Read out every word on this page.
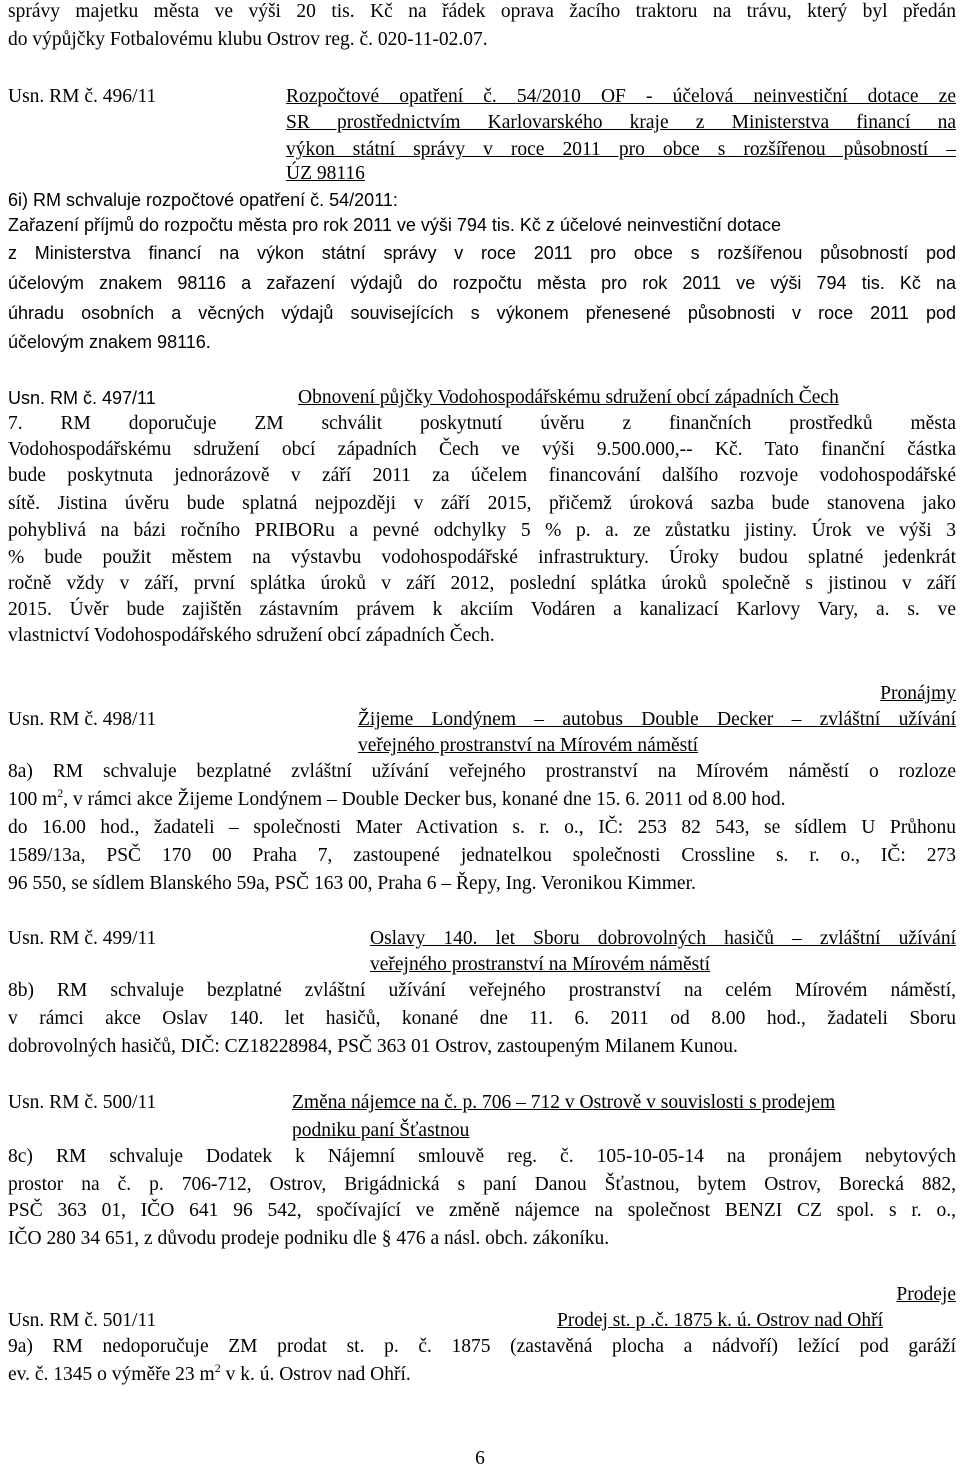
správy majetku města ve výši 20 tis. Kč na řádek oprava žacího traktoru na trávu, který byl předán
do výpůjčky Fotbalovému klubu Ostrov reg. č. 020-11-02.07.
Usn. RM č. 496/11	Rozpočtové opatření č. 54/2010 OF - účelová neinvestiční dotace ze
SR prostřednictvím Karlovarského kraje z Ministerstva financí na
výkon státní správy v roce 2011 pro obce s rozšířenou působností –
ÚZ 98116
6i) RM schvaluje rozpočtové opatření č. 54/2011:
Zařazení příjmů do rozpočtu města pro rok 2011 ve výši 794 tis. Kč z účelové neinvestiční dotace
z Ministerstva financí na výkon státní správy v roce 2011 pro obce s rozšířenou působností pod
účelovým znakem 98116 a zařazení výdajů do rozpočtu města pro rok 2011 ve výši 794 tis. Kč na
úhradu osobních a věcných výdajů souvisejících s výkonem přenesené působnosti v roce 2011 pod
účelovým znakem 98116.
Usn. RM č. 497/11	Obnovení půjčky Vodohospodářskému sdružení obcí západních Čech
7. RM doporučuje ZM schválit poskytnutí úvěru z finančních prostředků města
Vodohospodářskému sdružení obcí západních Čech ve výši 9.500.000,-- Kč. Tato finanční částka
bude poskytnuta jednorázově v září 2011 za účelem financování dalšího rozvoje vodohospodářské
sítě. Jistina úvěru bude splatná nejpozději v září 2015, přičemž úroková sazba bude stanovena jako
pohyblivá na bázi ročního PRIBORu a pevné odchylky 5 % p. a. ze zůstatku jistiny. Úrok ve výši 3
% bude použit městem na výstavbu vodohospodářské infrastruktury. Úroky budou splatné jedenkrát
ročně vždy v září, první splátka úroků v září 2012, poslední splátka úroků společně s jistinou v září
2015. Úvěr bude zajištěn zástavním právem k akciím Vodáren a kanalizací Karlovy Vary, a. s. ve
vlastnictví Vodohospodářského sdružení obcí západních Čech.
Pronájmy
Usn. RM č. 498/11	Žijeme Londýnem – autobus Double Decker – zvláštní užívání
veřejného prostranství na Mírovém náměstí
8a) RM schvaluje bezplatné zvláštní užívání veřejného prostranství na Mírovém náměstí o rozloze
100 $m^2$, v rámci akce Žijeme Londýnem – Double Decker bus, konané dne 15. 6. 2011 od 8.00 hod.
do 16.00 hod., žadateli – společnosti Mater Activation s. r. o., IČ: 253 82 543, se sídlem U Průhonu
1589/13a, PSČ 170 00 Praha 7, zastoupené jednatelkou společnosti Crossline s. r. o., IČ: 273
96 550, se sídlem Blanského 59a, PSČ 163 00, Praha 6 – Řepy, Ing. Veronikou Kimmer.
Usn. RM č. 499/11	Oslavy 140. let Sboru dobrovolných hasičů – zvláštní užívání
veřejného prostranství na Mírovém náměstí
8b) RM schvaluje bezplatné zvláštní užívání veřejného prostranství na celém Mírovém náměstí,
v rámci akce Oslav 140. let hasičů, konané dne 11. 6. 2011 od 8.00 hod., žadateli Sboru
dobrovolných hasičů, DIČ: CZ18228984, PSČ 363 01 Ostrov, zastoupeným Milanem Kunou.
Usn. RM č. 500/11	Změna nájemce na č. p. 706 – 712 v Ostrově v souvislosti s prodejem
podniku paní Šťastnou
8c) RM schvaluje Dodatek k Nájemní smlouvě reg. č. 105-10-05-14 na pronájem nebytových
prostor na č. p. 706-712, Ostrov, Brigádnická s paní Danou Šťastnou, bytem Ostrov, Borecká 882,
PSČ 363 01, IČO 641 96 542, spočívající ve změně nájemce na společnost BENZI CZ spol. s r. o.,
IČO 280 34 651, z důvodu prodeje podniku dle § 476 a násl. obch. zákoníku.
Prodeje
Usn. RM č. 501/11	Prodej st. p .č. 1875 k. ú. Ostrov nad Ohří
9a) RM nedoporučuje ZM prodat st. p. č. 1875 (zastavěná plocha a nádvoří) ležící pod garáží
ev. č. 1345 o výměře 23 $m^2$ v k. ú. Ostrov nad Ohří.
6
